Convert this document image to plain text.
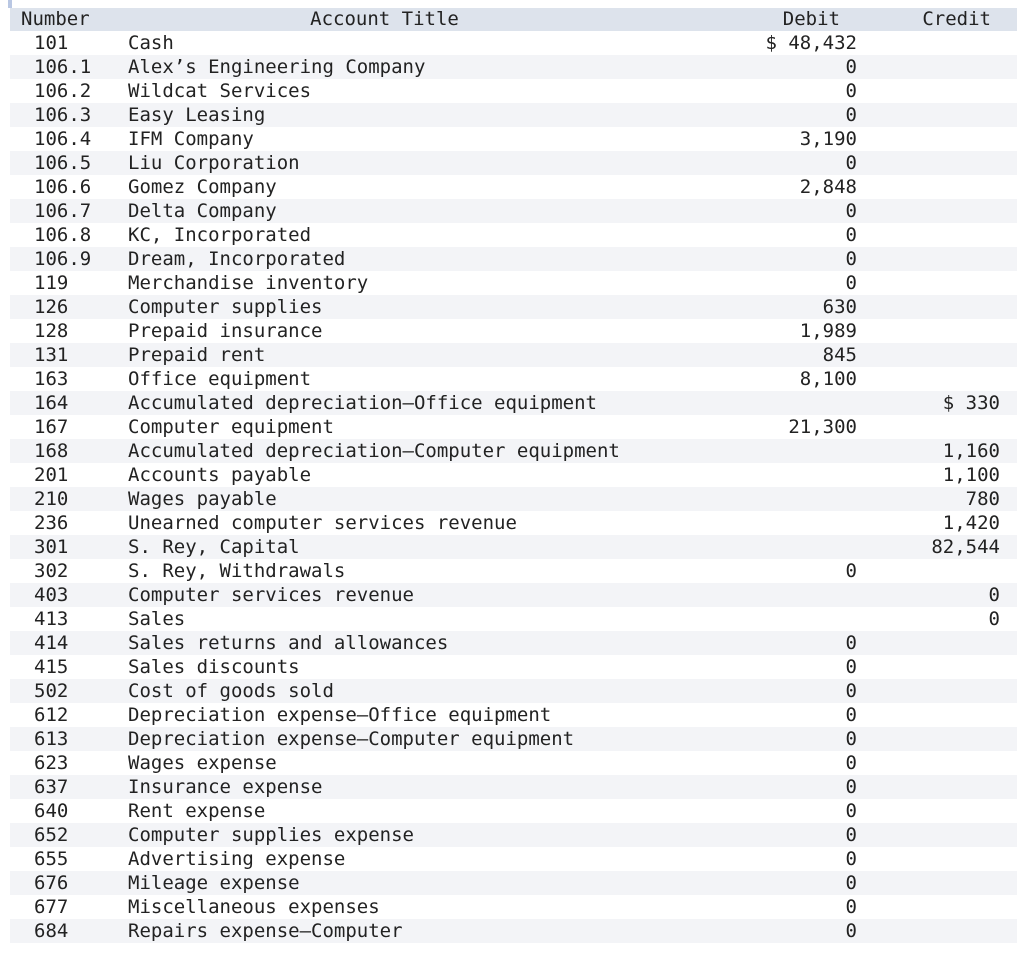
Number	Account Title	Debit	Credit
101	Cash	$ 48,432	
106.1	Alex’s Engineering Company	0	
106.2	Wildcat Services	0	
106.3	Easy Leasing	0	
106.4	IFM Company	3,190	
106.5	Liu Corporation	0	
106.6	Gomez Company	2,848	
106.7	Delta Company	0	
106.8	KC, Incorporated	0	
106.9	Dream, Incorporated	0	
119	Merchandise inventory	0	
126	Computer supplies	630	
128	Prepaid insurance	1,989	
131	Prepaid rent	845	
163	Office equipment	8,100	
164	Accumulated depreciation—Office equipment		$ 330
167	Computer equipment	21,300	
168	Accumulated depreciation—Computer equipment		1,160
201	Accounts payable		1,100
210	Wages payable		780
236	Unearned computer services revenue		1,420
301	S. Rey, Capital		82,544
302	S. Rey, Withdrawals	0	
403	Computer services revenue		0
413	Sales		0
414	Sales returns and allowances	0	
415	Sales discounts	0	
502	Cost of goods sold	0	
612	Depreciation expense—Office equipment	0	
613	Depreciation expense—Computer equipment	0	
623	Wages expense	0	
637	Insurance expense	0	
640	Rent expense	0	
652	Computer supplies expense	0	
655	Advertising expense	0	
676	Mileage expense	0	
677	Miscellaneous expenses	0	
684	Repairs expense—Computer	0	
